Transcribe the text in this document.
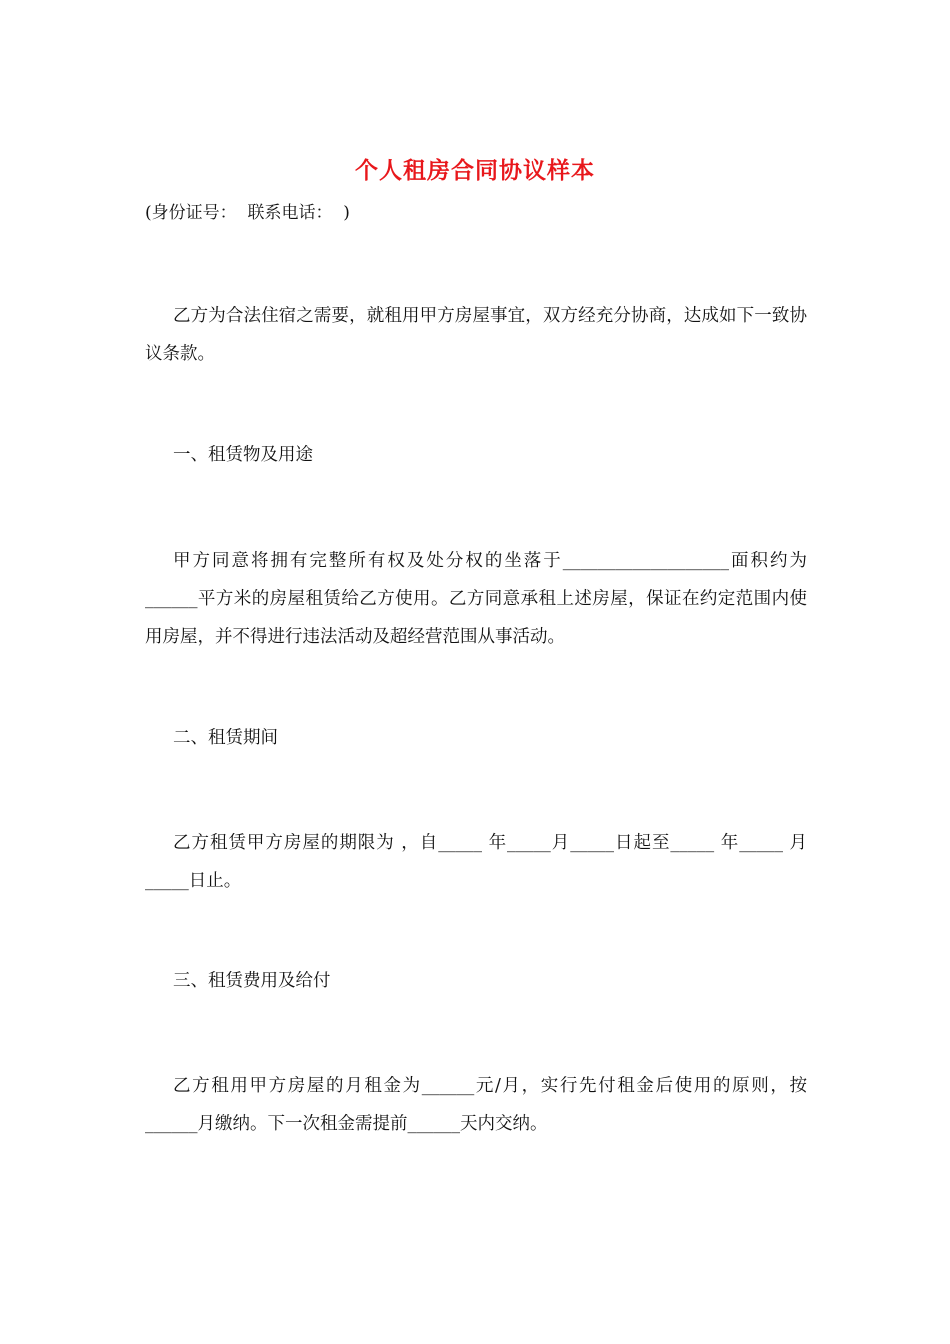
个人租房合同协议样本

(身份证号：  联系电话：  )

乙方为合法住宿之需要，就租用甲方房屋事宜，双方经充分协商，达成如下一致协议条款。

一、租赁物及用途

甲方同意将拥有完整所有权及处分权的坐落于___________________面积约为______平方米的房屋租赁给乙方使用。乙方同意承租上述房屋，保证在约定范围内使用房屋，并不得进行违法活动及超经营范围从事活动。

二、租赁期间

乙方租赁甲方房屋的期限为 ，自_____ 年_____月_____日起至_____ 年_____ 月_____日止。

三、租赁费用及给付

乙方租用甲方房屋的月租金为______元/月，实行先付租金后使用的原则，按______月缴纳。下一次租金需提前______天内交纳。
